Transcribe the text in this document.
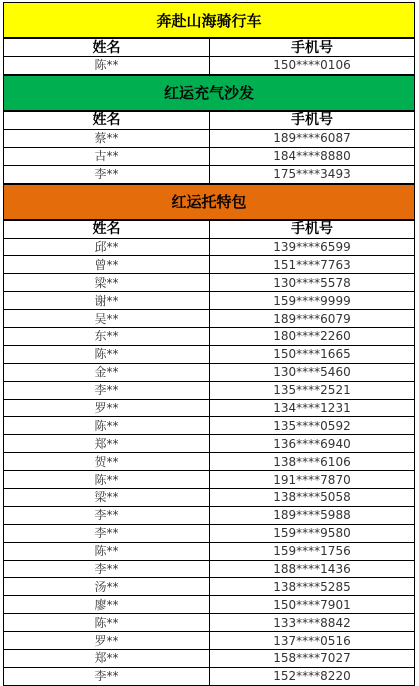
奔赴山海骑行车
姓名	手机号
陈**	150****0106
红运充气沙发
姓名	手机号
蔡**	189****6087
古**	184****8880
李**	175****3493
红运托特包
姓名	手机号
邱**	139****6599
曾**	151****7763
梁**	130****5578
谢**	159****9999
吴**	189****6079
东**	180****2260
陈**	150****1665
金**	130****5460
李**	135****2521
罗**	134****1231
陈**	135****0592
郑**	136****6940
贺**	138****6106
陈**	191****7870
梁**	138****5058
李**	189****5988
李**	159****9580
陈**	159****1756
李**	188****1436
汤**	138****5285
廖**	150****7901
陈**	133****8842
罗**	137****0516
郑**	158****7027
李**	152****8220
